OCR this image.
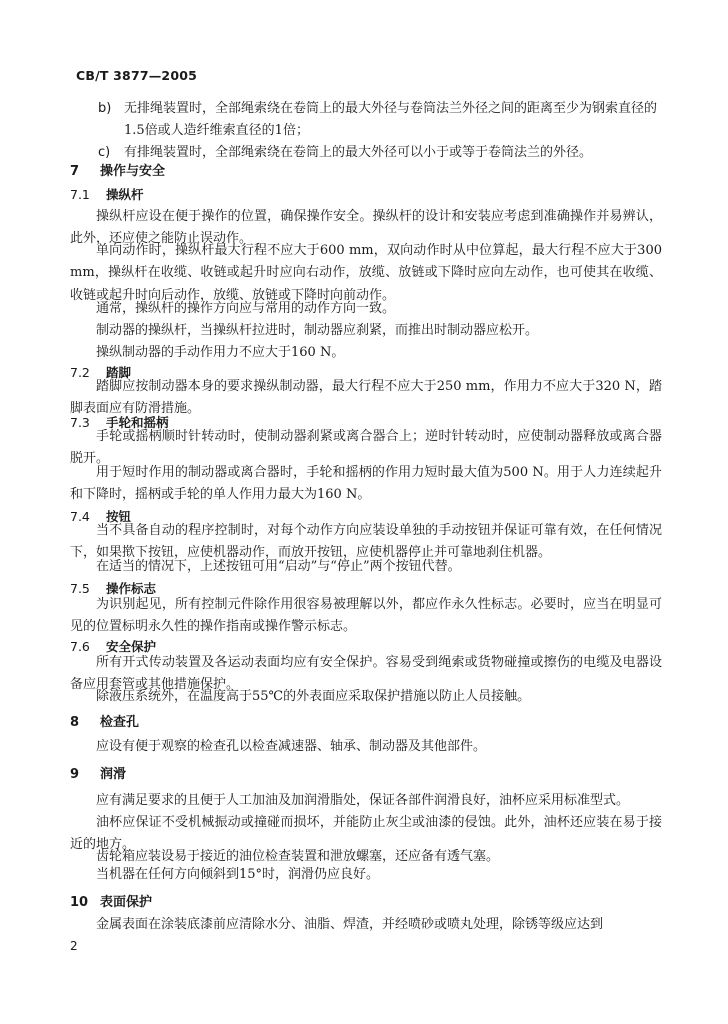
CB/T 3877—2005
b) 无排绳装置时，全部绳索绕在卷筒上的最大外径与卷筒法兰外径之间的距离至少为钢索直径的1.5倍或人造纤维索直径的1倍；
c)	有排绳装置时，全部绳索绕在卷筒上的最大外径可以小于或等于卷筒法兰的外径。
7 操作与安全
7.1 操纵杆

操纵杆应设在便于操作的位置，确保操作安全。操纵杆的设计和安装应考虑到准确操作并易辨认，此外，还应使之能防止误动作。

单向动作时，操纵杆最大行程不应大于600 mm，双向动作时从中位算起，最大行程不应大于300 mm，操纵杆在收缆、收链或起升时应向右动作，放缆、放链或下降时应向左动作，也可使其在收缆、收链或起升时向后动作，放缆、放链或下降时向前动作。

通常，操纵杆的操作方向应与常用的动作方向一致。

制动器的操纵杆，当操纵杆拉进时，制动器应刹紧，而推出时制动器应松开。

操纵制动器的手动作用力不应大于160 N。

7.2 踏脚

踏脚应按制动器本身的要求操纵制动器，最大行程不应大于250 mm，作用力不应大于320 N，踏脚表面应有防滑措施。

7.3 手轮和摇柄

手轮或摇柄顺时针转动时，使制动器刹紧或离合器合上；逆时针转动时，应使制动器释放或离合器脱开。

用于短时作用的制动器或离合器时，手轮和摇柄的作用力短时最大值为500 N。用于人力连续起升和下降时，摇柄或手轮的单人作用力最大为160 N。

7.4 按钮

当不具备自动的程序控制时，对每个动作方向应装设单独的手动按钮并保证可靠有效，在任何情况下，如果揿下按钮，应使机器动作，而放开按钮，应使机器停止并可靠地刹住机器。

在适当的情况下，上述按钮可用“启动”与“停止”两个按钮代替。

7.5 操作标志

为识别起见，所有控制元件除作用很容易被理解以外，都应作永久性标志。必要时，应当在明显可见的位置标明永久性的操作指南或操作警示标志。

7.6 安全保护

所有开式传动装置及各运动表面均应有安全保护。容易受到绳索或货物碰撞或擦伤的电缆及电器设备应用套管或其他措施保护。

除液压系统外，在温度高于55℃的外表面应采取保护措施以防止人员接触。

8 检查孔

应设有便于观察的检查孔以检查减速器、轴承、制动器及其他部件。

9 润滑

应有满足要求的且便于人工加油及加润滑脂处，保证各部件润滑良好，油杯应采用标准型式。

油杯应保证不受机械振动或撞碰而损坏，并能防止灰尘或油漆的侵蚀。此外，油杯还应装在易于接近的地方。

齿轮箱应装设易于接近的油位检查装置和泄放螺塞，还应备有透气塞。

当机器在任何方向倾斜到15°时，润滑仍应良好。

10 表面保护

金属表面在涂装底漆前应清除水分、油脂、焊渣，并经喷砂或喷丸处理，除锈等级应达到

2
